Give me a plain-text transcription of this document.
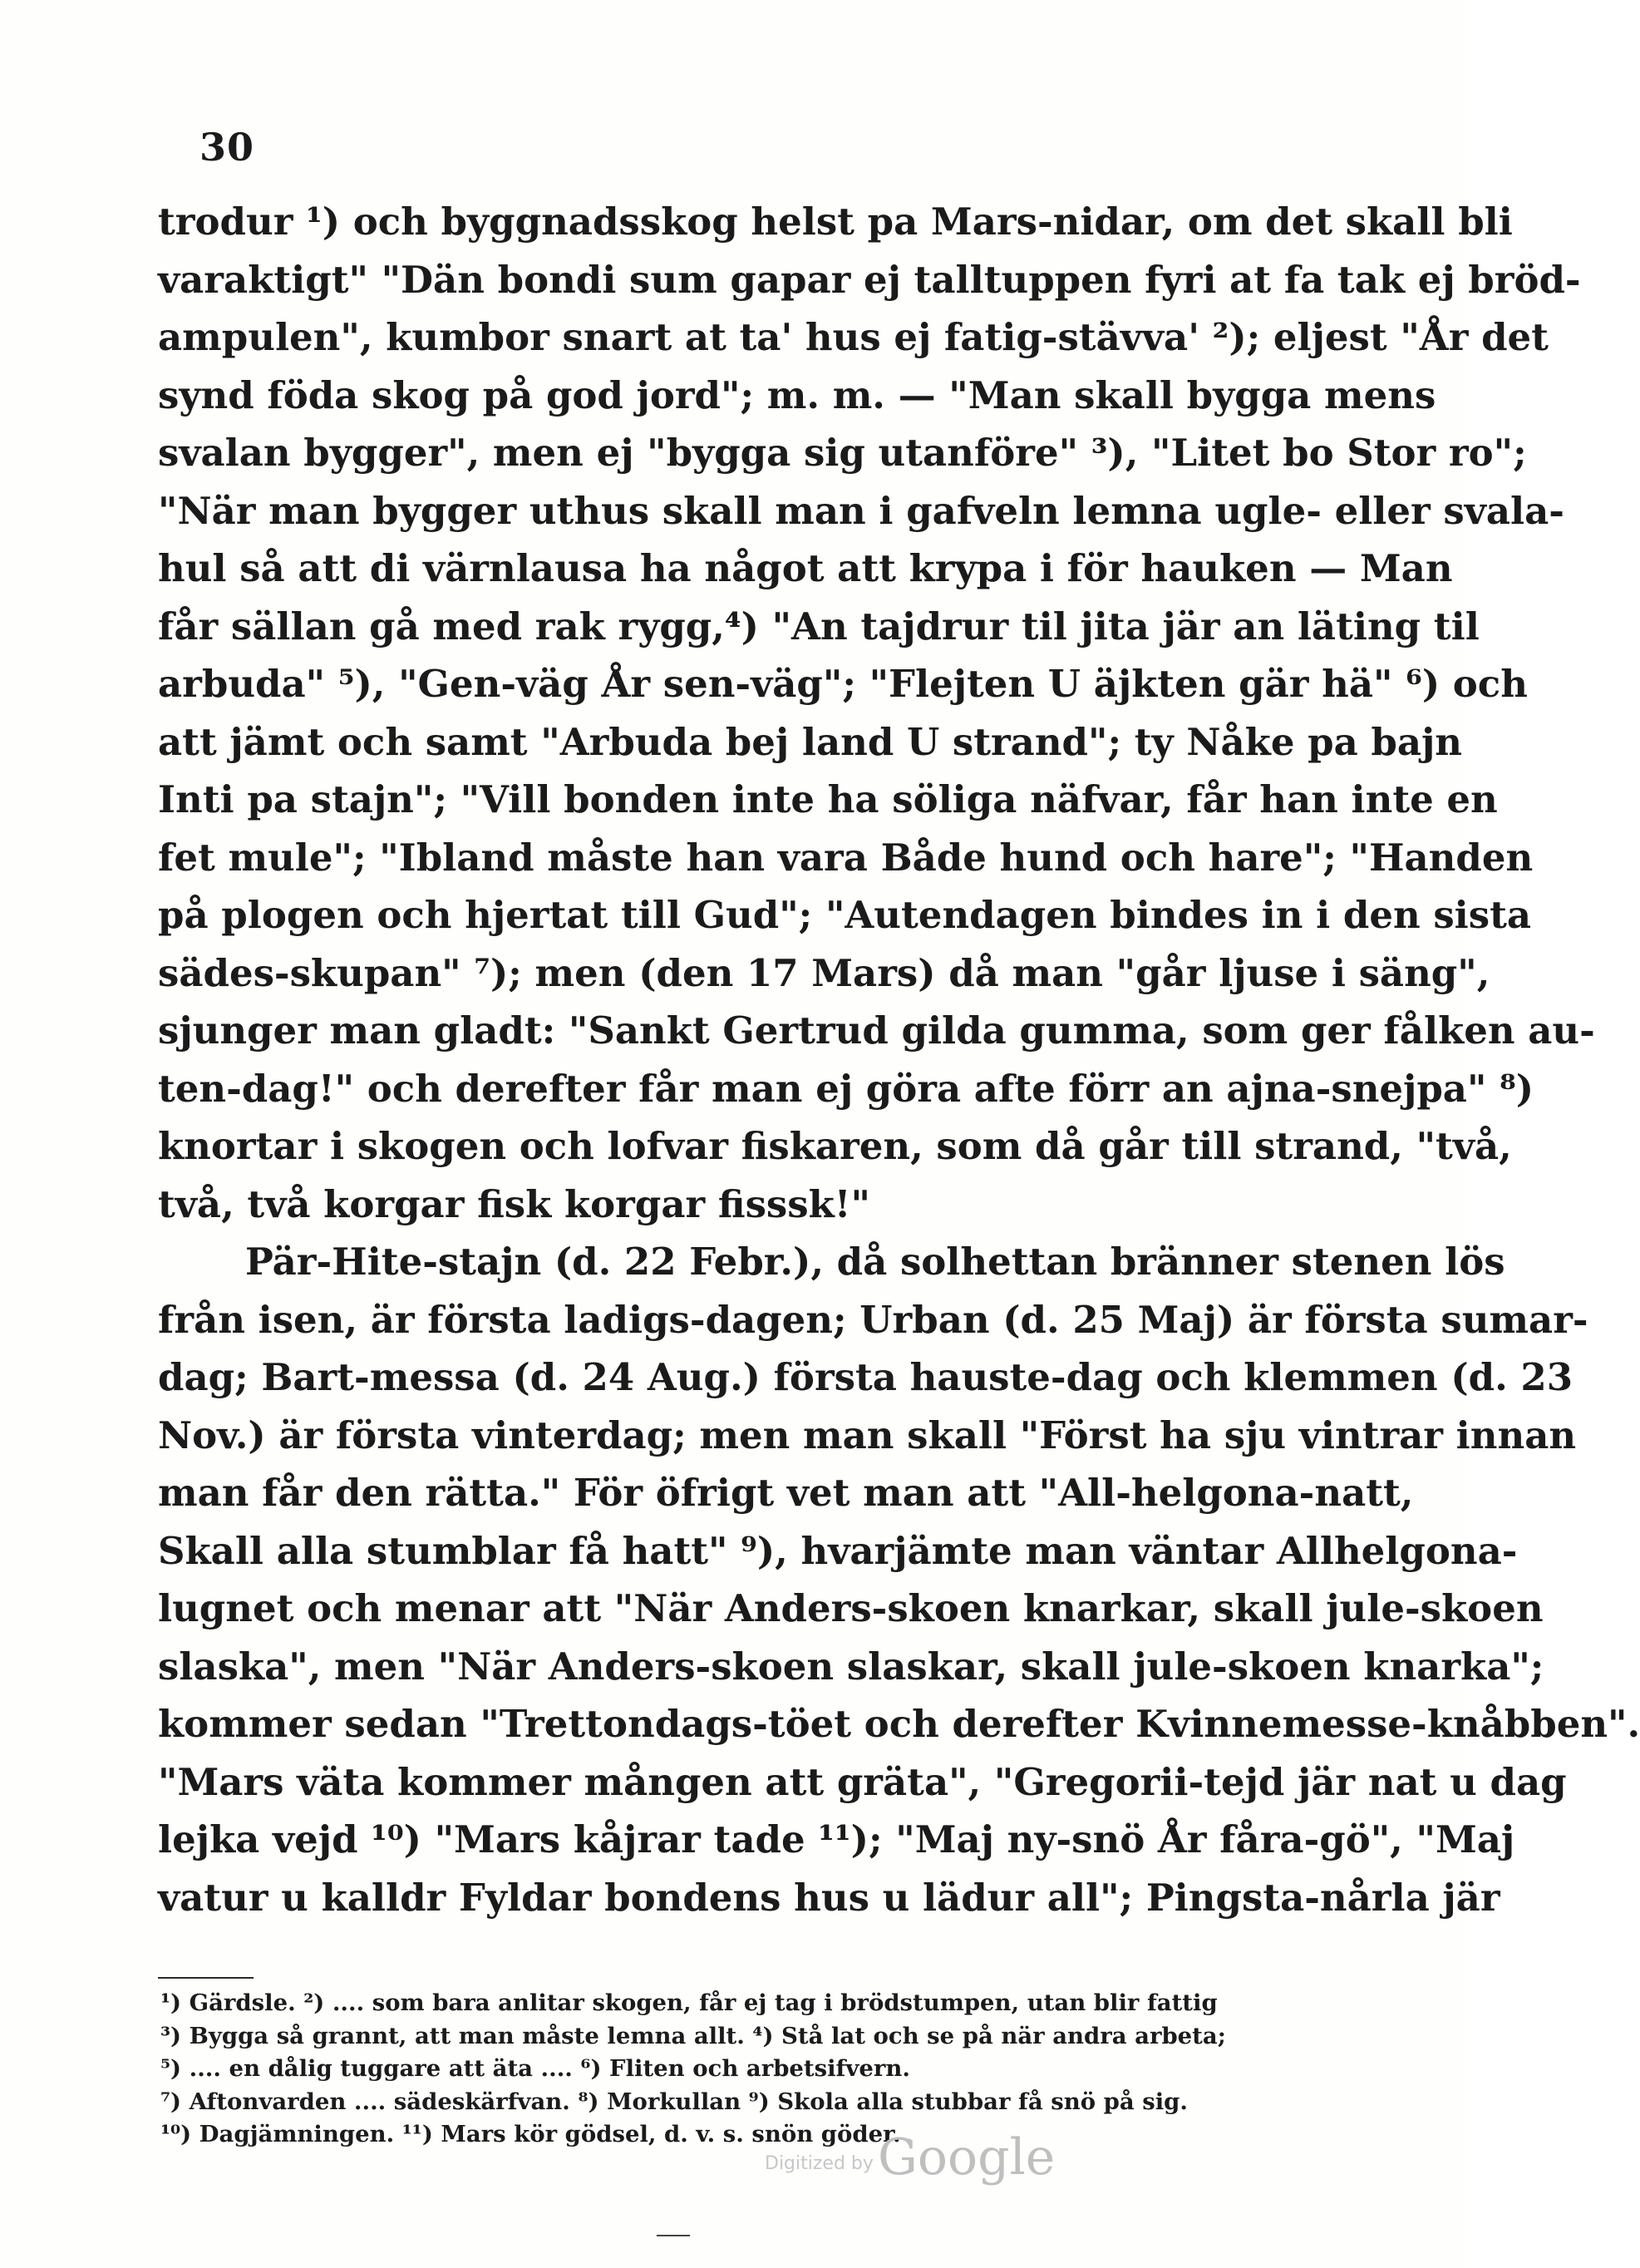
30
trodur ¹) och byggnadsskog helst pa Mars-nidar, om det skall bli
varaktigt" "Dän bondi sum gapar ej talltuppen fyri at fa tak ej bröd-
ampulen", kumbor snart at ta' hus ej fatig-stävva' ²); eljest "År det
synd föda skog på god jord"; m. m. — "Man skall bygga mens
svalan bygger", men ej "bygga sig utanföre" ³), "Litet bo Stor ro";
"När man bygger uthus skall man i gafveln lemna ugle- eller svala-
hul så att di värnlausa ha något att krypa i för hauken — Man
får sällan gå med rak rygg,⁴) "An tajdrur til jita jär an läting til
arbuda" ⁵), "Gen-väg År sen-väg"; "Flejten U äjkten gär hä" ⁶) och
att jämt och samt "Arbuda bej land U strand"; ty Nåke pa bajn
Inti pa stajn"; "Vill bonden inte ha söliga näfvar, får han inte en
fet mule"; "Ibland måste han vara Både hund och hare"; "Handen
på plogen och hjertat till Gud"; "Autendagen bindes in i den sista
sädes-skupan" ⁷); men (den 17 Mars) då man "går ljuse i säng",
sjunger man gladt: "Sankt Gertrud gilda gumma, som ger fålken au-
ten-dag!" och derefter får man ej göra afte förr an ajna-snejpa" ⁸)
knortar i skogen och lofvar fiskaren, som då går till strand, "två,
två, två korgar fisk korgar fisssk!"
Pär-Hite-stajn (d. 22 Febr.), då solhettan bränner stenen lös
från isen, är första ladigs-dagen; Urban (d. 25 Maj) är första sumar-
dag; Bart-messa (d. 24 Aug.) första hauste-dag och klemmen (d. 23
Nov.) är första vinterdag; men man skall "Först ha sju vintrar innan
man får den rätta." För öfrigt vet man att "All-helgona-natt,
Skall alla stumblar få hatt" ⁹), hvarjämte man väntar Allhelgona-
lugnet och menar att "När Anders-skoen knarkar, skall jule-skoen
slaska", men "När Anders-skoen slaskar, skall jule-skoen knarka";
kommer sedan "Trettondags-töet och derefter Kvinnemesse-knåbben".
"Mars väta kommer mången att gräta", "Gregorii-tejd jär nat u dag
lejka vejd ¹⁰) "Mars kåjrar tade ¹¹); "Maj ny-snö År fåra-gö", "Maj
vatur u kalldr Fyldar bondens hus u lädur all"; Pingsta-nårla jär
¹) Gärdsle. ²) .... som bara anlitar skogen, får ej tag i brödstumpen, utan blir fattig
³) Bygga så grannt, att man måste lemna allt. ⁴) Stå lat och se på när andra arbeta;
⁵) .... en dålig tuggare att äta .... ⁶) Fliten och arbetsifvern.
⁷) Aftonvarden .... sädeskärfvan. ⁸) Morkullan ⁹) Skola alla stubbar få snö på sig.
¹⁰) Dagjämningen. ¹¹) Mars kör gödsel, d. v. s. snön göder.
Digitized by Google
